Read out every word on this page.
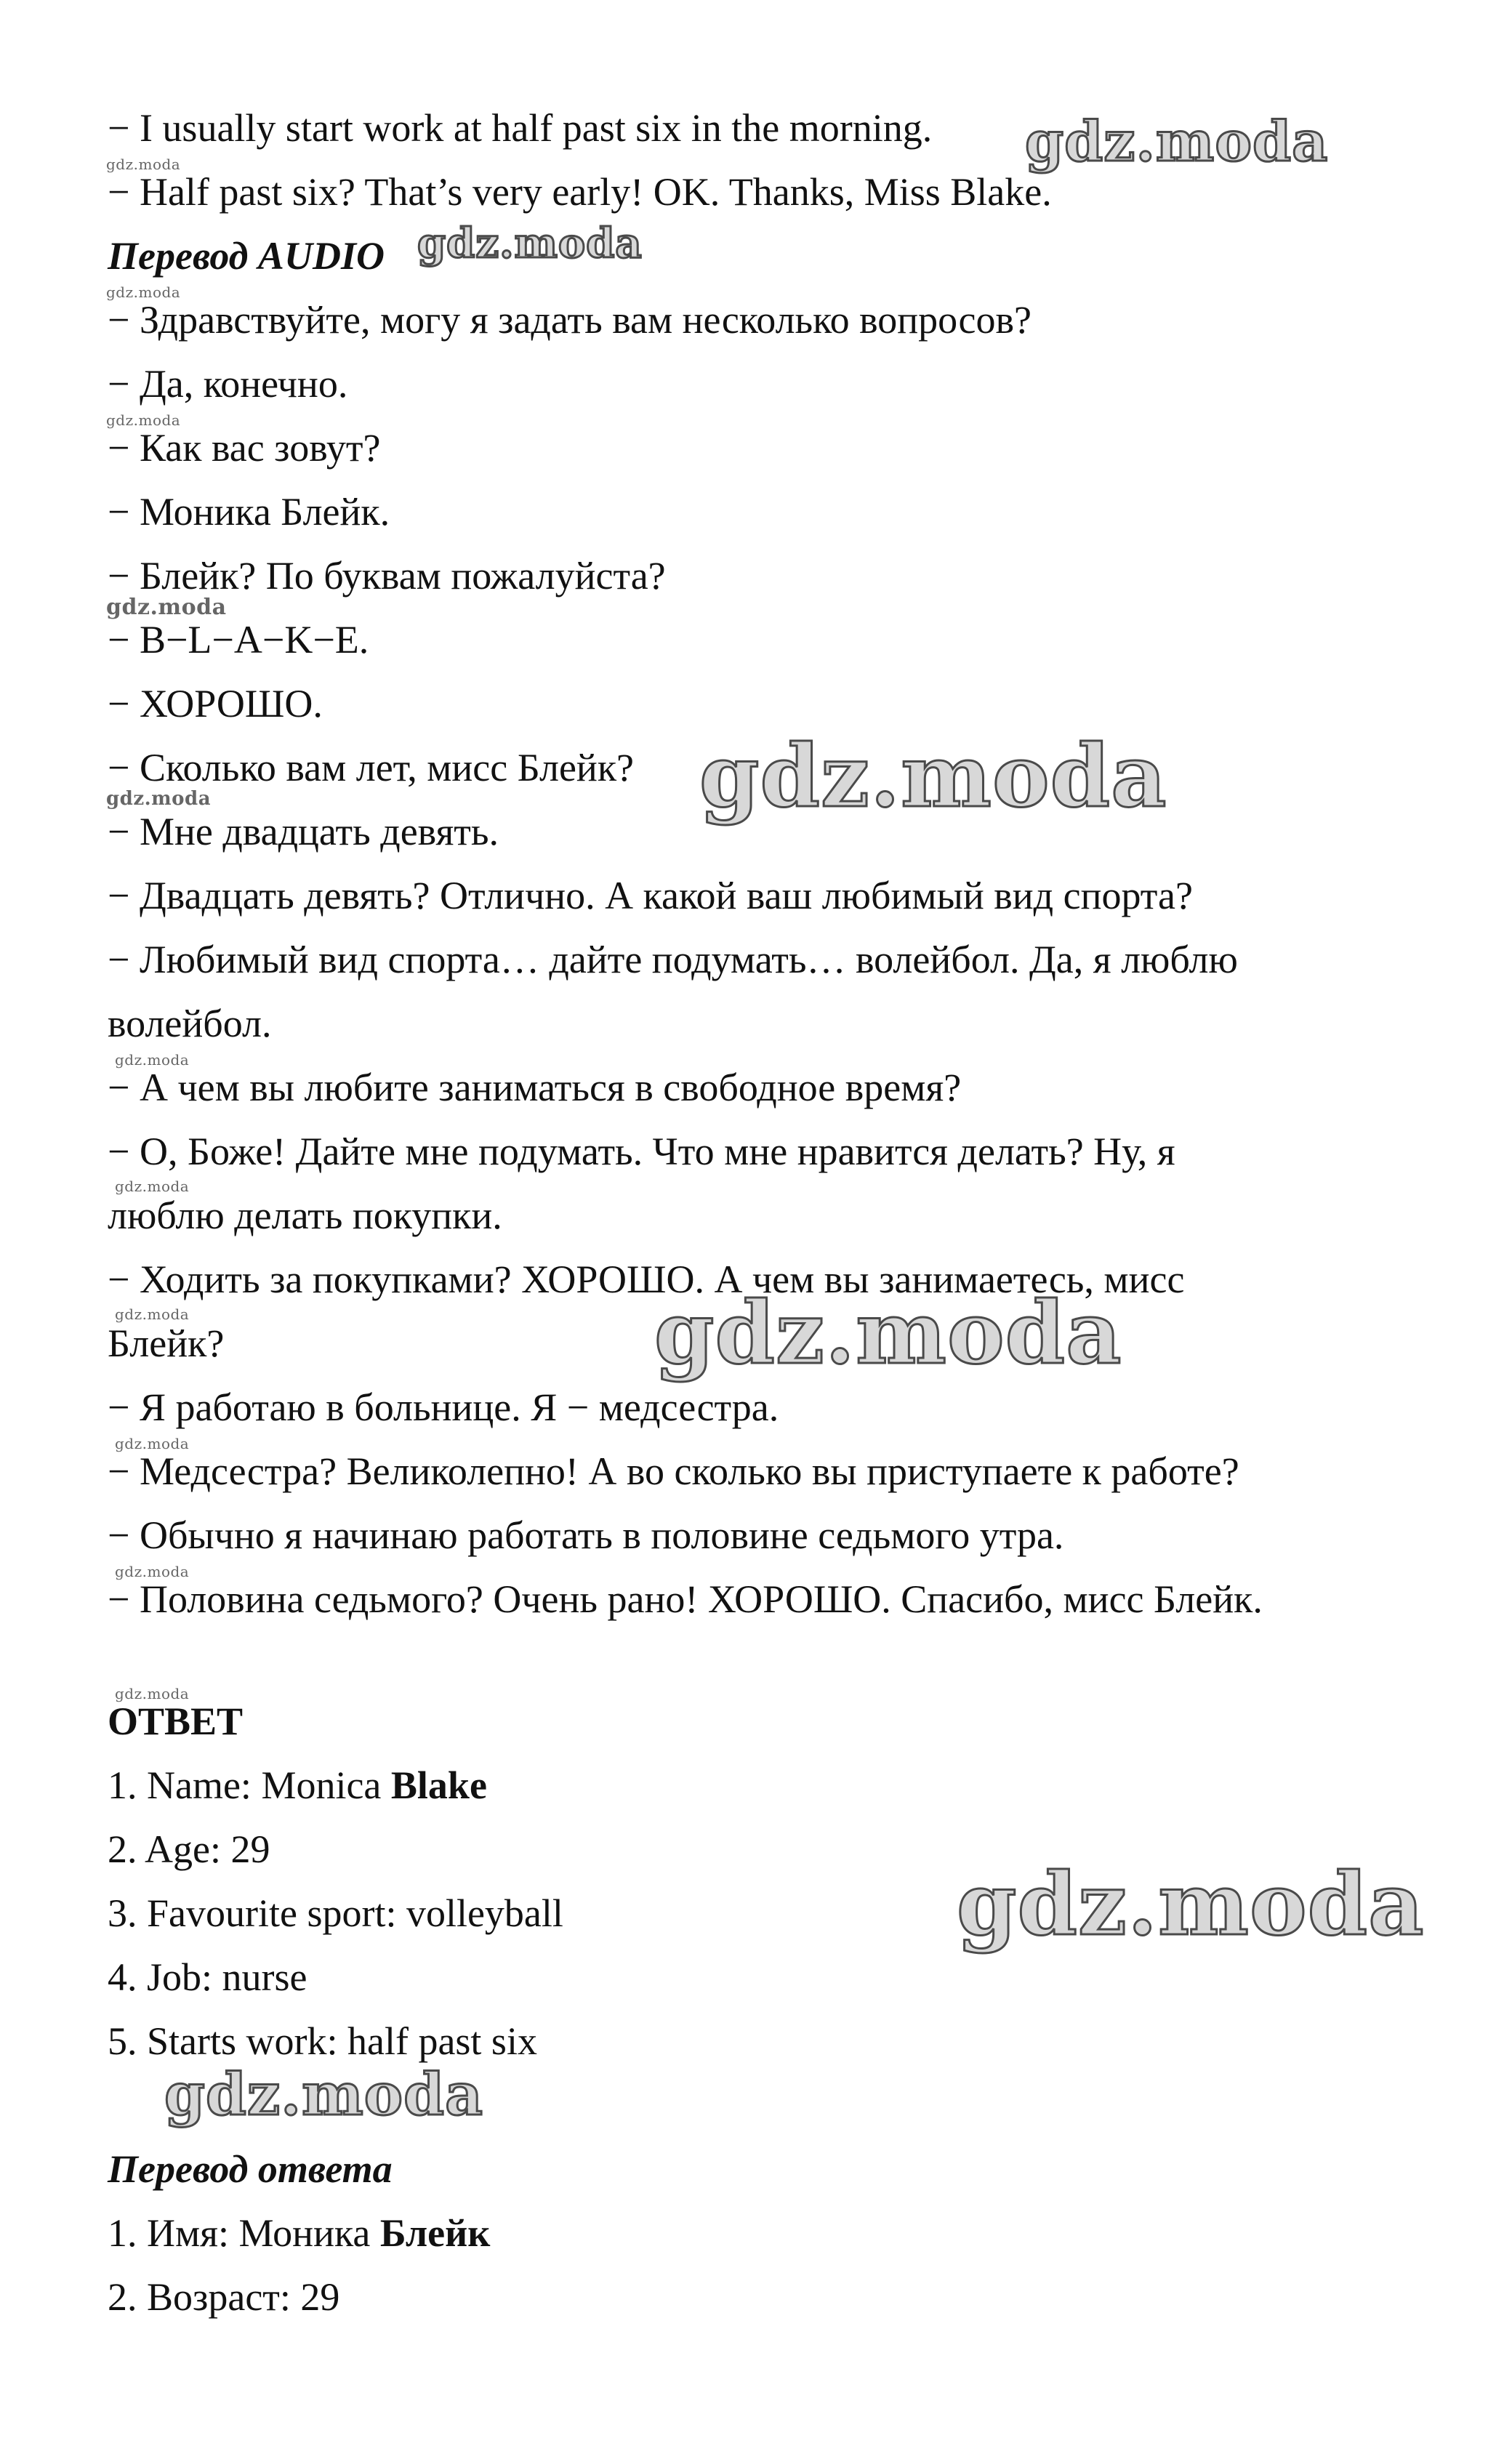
− I usually start work at half past six in the morning.
− Half past six? That’s very early! OK. Thanks, Miss Blake.
Перевод AUDIO
− Здравствуйте, могу я задать вам несколько вопросов?
− Да, конечно.
− Как вас зовут?
− Моника Блейк.
− Блейк? По буквам пожалуйста?
− B−L−A−K−E.
− ХОРОШО.
− Сколько вам лет, мисс Блейк?
− Мне двадцать девять.
− Двадцать девять? Отлично. А какой ваш любимый вид спорта?
− Любимый вид спорта… дайте подумать… волейбол. Да, я люблю
волейбол.
− А чем вы любите заниматься в свободное время?
− О, Боже! Дайте мне подумать. Что мне нравится делать? Ну, я
люблю делать покупки.
− Ходить за покупками? ХОРОШО. А чем вы занимаетесь, мисс
Блейк?
− Я работаю в больнице. Я − медсестра.
− Медсестра? Великолепно! А во сколько вы приступаете к работе?
− Обычно я начинаю работать в половине седьмого утра.
− Половина седьмого? Очень рано! ХОРОШО. Спасибо, мисс Блейк.
ОТВЕТ
1. Name: Monica Blake
2. Age: 29
3. Favourite sport: volleyball
4. Job: nurse
5. Starts work: half past six
Перевод ответа
1. Имя: Моника Блейк
2. Возраст: 29
gdz.moda
gdz.moda
gdz.moda
gdz.moda
gdz.moda
gdz.moda
gdz.moda
gdz.moda
gdz.moda
gdz.moda
gdz.moda
gdz.moda
gdz.moda
gdz.moda
gdz.moda
gdz.moda
gdz.moda
